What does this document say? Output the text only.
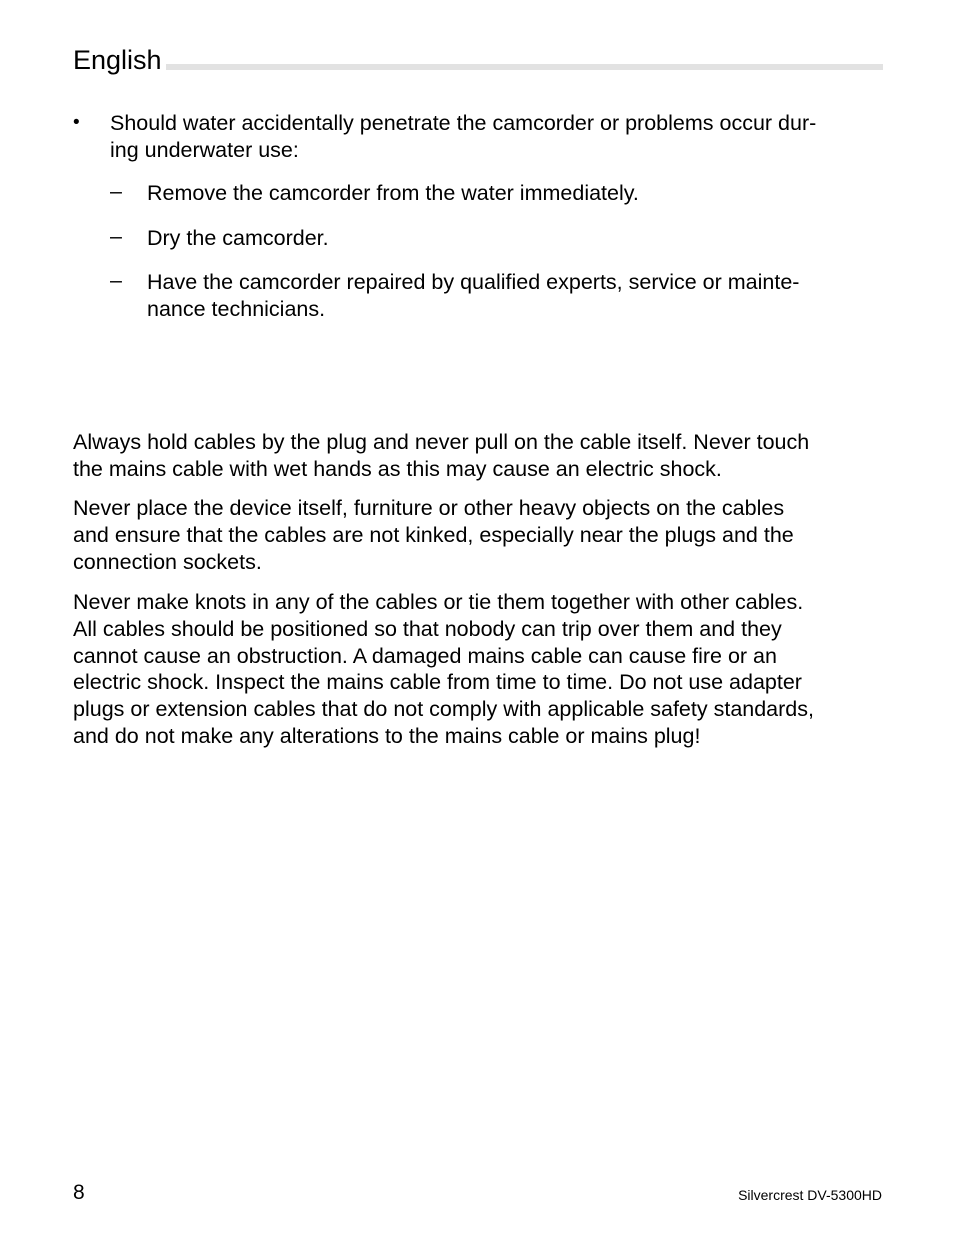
English
•	Should water accidentally penetrate the camcorder or problems occur dur-
ing underwater use:
–	Remove the camcorder from the water immediately.
–	Dry the camcorder.
–	Have the camcorder repaired by qualified experts, service or mainte-
nance technicians.
Always hold cables by the plug and never pull on the cable itself. Never touch
the mains cable with wet hands as this may cause an electric shock.
Never place the device itself, furniture or other heavy objects on the cables
and ensure that the cables are not kinked, especially near the plugs and the
connection sockets.
Never make knots in any of the cables or tie them together with other cables.
All cables should be positioned so that nobody can trip over them and they
cannot cause an obstruction. A damaged mains cable can cause fire or an
electric shock. Inspect the mains cable from time to time. Do not use adapter
plugs or extension cables that do not comply with applicable safety standards,
and do not make any alterations to the mains cable or mains plug!
8	Silvercrest DV-5300HD
